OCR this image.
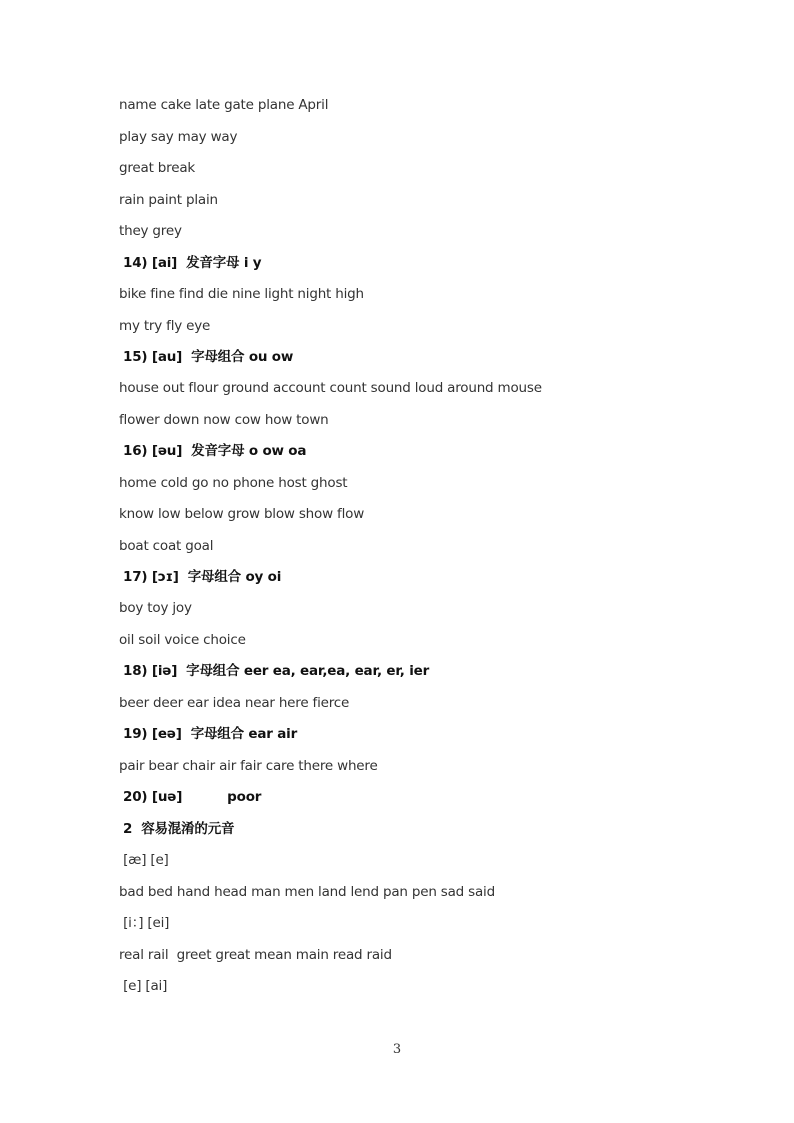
name cake late gate plane April
play say may way
great break
rain paint plain
they grey
14) [ai]  发音字母 i y
bike fine find die nine light night high
my try fly eye
15) [au]  字母组合 ou ow
house out flour ground account count sound loud around mouse
flower down now cow how town
16) [əu]  发音字母 o ow oa
home cold go no phone host ghost
know low below grow blow show flow
boat coat goal
17) [ɔɪ]  字母组合 oy oi
boy toy joy
oil soil voice choice
18) [iə]  字母组合 eer ea, ear,ea, ear, er, ier
beer deer ear idea near here fierce
19) [eə]  字母组合 ear air
pair bear chair air fair care there where
20) [uə]          poor
2  容易混淆的元音
[æ] [e]
bad bed hand head man men land lend pan pen sad said
[i：] [ei]
real rail  greet great mean main read raid
[e] [ai]
3
